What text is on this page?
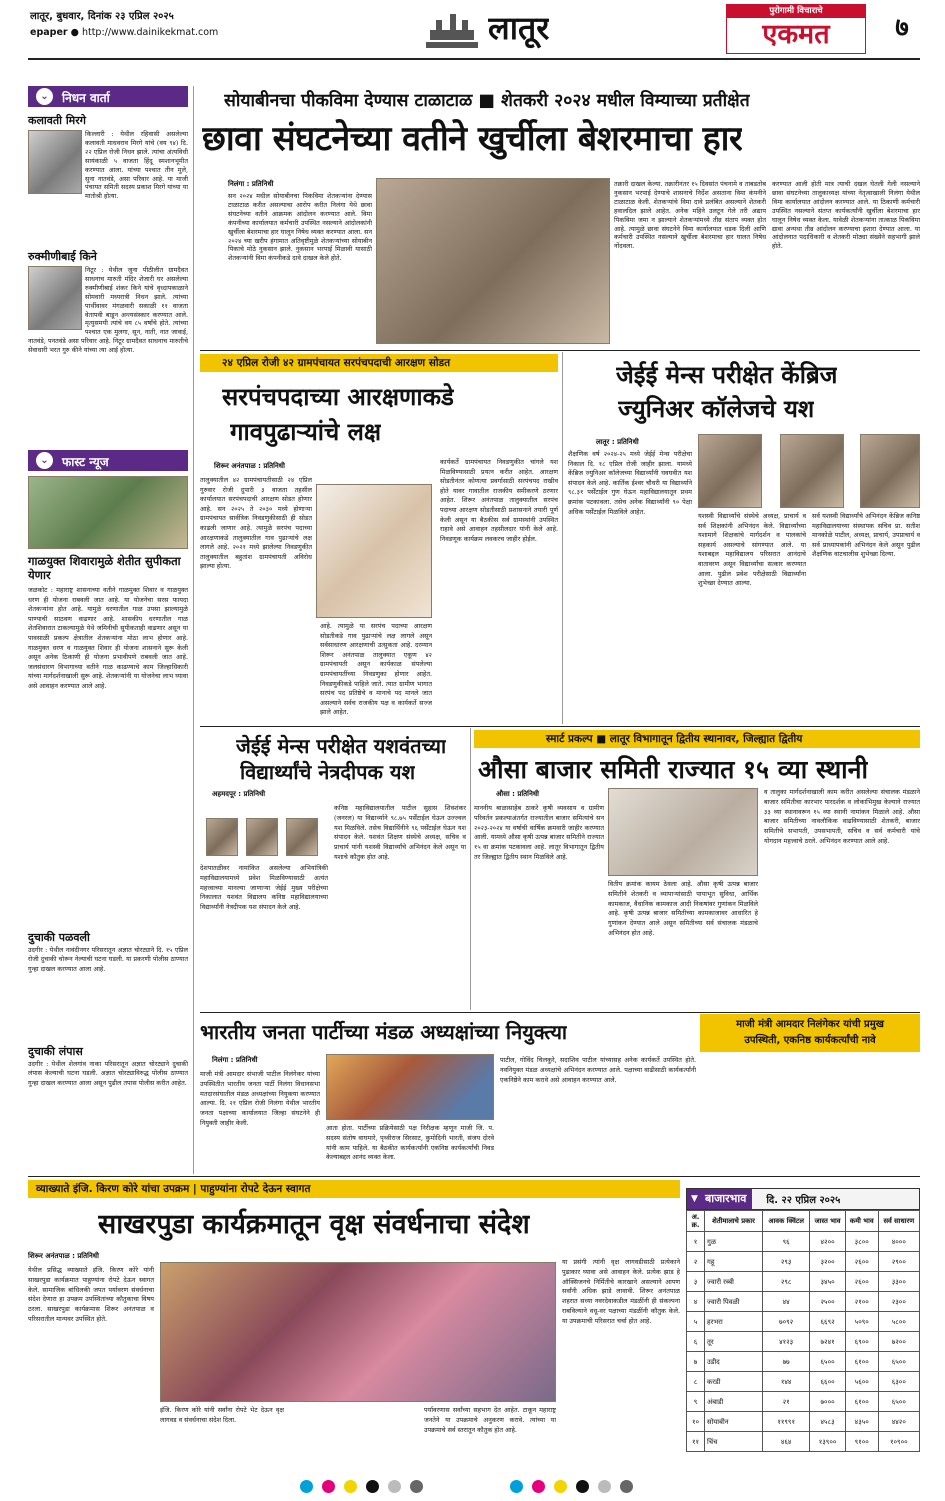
लातूर, बुधवार, दिनांक २३ एप्रिल २०२५
epaper ● http://www.dainikekmat.com	लातूर	पुरोगामी विचाराचे
एकमत	७
⌄	निधन वार्ता
कलावती मिरगे
किल्लारी : येथील रहिवासी असलेल्या कलावती माधवराव मिरगे यांचे (वय ९४) दि. २२ एप्रिल रोजी निधन झाले. त्यांचा अंत्यविधी सायंकाळी ५ वाजता हिंदू स्मशानभूमीत करण्यात आला. यांच्या पश्चात तीन मुले, सुना नातवंडे, असा परिवार आहे. या माजी पंचायत समिती सदस्य प्रकाश मिरगे यांच्या या मातोश्री होत्या.
रुक्मीणीबाई किने
निटूर : येथील जुना पीठीलीत ग्रामदैवत साधनाच मारुती मंदिर शेजारी घर असलेल्या रुक्मीणीबाई शंकर किने यांचे वृध्दापकाळाने सोमवारी मध्यरात्री निधन झाले. त्यांच्या पार्थीवावर मंगळवारी सकाळी ११ वाजता वेतापवी बाडून अन्त्यसंस्कार करण्यात आले. मृत्युसमयी त्यांचे वय ८५ वर्षांचे होते. त्यांच्या पश्चात एक मुलगा, सून, नाती, नात जावाई, नातवंडे, पनतवंडे असा परिवार आहे. निटूर ग्रामदैवत साधनाच मारुतीचे सेवाधारी भरत गुरु कीने यांच्या त्या आई होत्या.
⌄	फास्ट न्यूज
गाळयुक्त शिवारामुळे शेतीत सुपीकता येणार
जळकोट : महाराष्ट्र शासनाच्या वतीने गाळमुक्त शिवार व गाळयुक्त धरण ही योजना राबवली जात आहे. या योजनेचा सरस फायदा शेतकऱ्यांना होत आहे. यामुळे धरणातील गाळ उपसा झाल्यामुळे पाण्याची साठवण वाढणार आहे. शासकीय धरणातील गाळ शेतशिवारात टाकल्यामुळे येथे जमिनीची सुपीकताही वाढणार असून या पावसाळी प्रकल्प क्षेत्रातील शेतकऱ्यांना मोठा लाभ होणार आहे. गाळमुक्त धरण व गाळयुक्त शिवार ही योजना शासनाने सुरू केली असून अनेक ठिकाणी ही योजना प्रभावीपणे राबवली जात आहे. जलसंधारण विभागाच्या वतीने गाळ काढण्याचे काम जिल्हाधिकारी यांच्या मार्गदर्शनाखाली सुरू आहे. शेतकऱ्यांनी या योजनेचा लाभ घ्यावा असे आवाहन करण्यात आले आहे.
दुचाकी पळवली
उदगीर : येथील नावंदीनगर परिसरातून अज्ञात चोरट्याने दि. १५ एप्रिल रोजी दुचाकी चोरून नेल्याची घटना घडली. या प्रकरणी पोलीस ठाण्यात गुन्हा दाखल करण्यात आला आहे.
दुचाकी लंपास
उदगीर : येथील शेलगांव नाका परिसरातून अज्ञात चोरट्याने दुचाकी लंपास केल्याची घटना घडली. अज्ञात चोरट्याविरुद्ध पोलीस ठाण्यात गुन्हा दाखल करण्यात आला असून पुढील तपास पोलीस करीत आहेत.
सोयाबीनचा पीकविमा देण्यास टाळाटाळ ■ शेतकरी २०२४ मधील विम्याच्या प्रतीक्षेत
छावा संघटनेच्या वतीने खुर्चीला बेशरमाचा हार
निलंगा : प्रतिनिधी
सन २०२४ मधील सोयाबीनचा पिकविमा शेतकऱ्यांना देण्यास टाळाटाळ करीत असल्याचा आरोप करीत निलंगा येथे छावा संघटनेच्या वतीने आक्रमक आंदोलन करण्यात आले. विमा कंपनीच्या कार्यालयात कर्मचारी उपस्थित नसल्याने आंदोलकांनी खुर्चीला बेशरमाचा हार घालून निषेध व्यक्त करण्यात आला. सन २०२४ च्या खरीप हंगामात अतिवृष्टीमुळे शेतकऱ्यांच्या सोयाबीन पिकाचे मोठे नुकसान झाले. नुकसान भरपाई मिळावी यासाठी शेतकऱ्यांनी विमा कंपनीकडे दावे दाखल केले होते.
तक्रारी दाखल केल्या. तक्रारीनंतर १५ दिवसांत पंचनामे व ताबडतोब नुकसान भरपाई देण्याचे शासनाचे निर्देश असताना विमा कंपनीने टाळाटाळ केली. शेतकऱ्यांचे विमा दावे प्रलंबित असल्याने शेतकरी हवालदिल झाले आहेत. अनेक महिने उलटून गेले तरी अद्याप पिकविमा जमा न झाल्याने शेतकऱ्यांमध्ये तीव्र संताप व्यक्त होत आहे. त्यामुळे छावा संघटनेने विमा कार्यालयात धडक दिली आणि कर्मचारी उपस्थित नसल्याने खुर्चीला बेशरमाचा हार घालत निषेध नोंदवला.
करण्यात आली होती मात्र त्याची दखल घेतली गेली नसल्याने छावा संघटनेच्या तालुकाध्यक्ष यांच्या नेतृत्वाखाली निलंगा येथील विमा कार्यालयात आंदोलन करण्यात आले. या ठिकाणी कर्मचारी उपस्थित नसल्याने संतप्त कार्यकर्त्यांनी खुर्चीला बेशरमाचा हार घालून निषेध व्यक्त केला. यावेळी शेतकऱ्यांना तात्काळ पिकविमा द्यावा अन्यथा तीव्र आंदोलन करण्याचा इशारा देण्यात आला. या आंदोलनात पदाधिकारी व शेतकरी मोठ्या संख्येने सहभागी झाले होते.
२४ एप्रिल रोजी ४२ ग्रामपंचायत सरपंचपदाची आरक्षण सोडत
सरपंचपदाच्या आरक्षणाकडे
गावपुढाऱ्यांचे लक्ष
शिरूर अनंतपाळ : प्रतिनिधी
तालुक्यातील ४२ ग्रामपंचायतीसाठी २४ एप्रिल गुरुवार रोजी दुपारी ३ वाजता तहसील कार्यालयात सरपंचपदाची आरक्षण सोडत होणार आहे. सन २०२५ ते २०३० मध्ये होणाऱ्या ग्रामपंचायत सार्वत्रिक निवडणुकीसाठी ही सोडत काढली जाणार आहे. त्यामुळे सरपंच पदाच्या आरक्षणाकडे तालुक्यातील गाव पुढाऱ्यांचे लक्ष लागले आहे. २०२१ मध्ये झालेल्या निवडणुकीत तालुक्यातील बहुतांश ग्रामपंचायती अविरोध झाल्या होत्या.
आहे. त्यामुळे या सरपंच पदाच्या आरक्षण सोडतीकडे गाव पुढाऱ्यांचे लक्ष लागले असून सर्वसाधारण आरक्षणाची उत्सुकता आहे. दरम्यान शिरूर अनंतपाळ तालुक्यात एकूण ४२ ग्रामपंचायती असून कार्यकाळ संपलेल्या ग्रामपंचायतींच्या निवडणुका होणार आहेत. निवडणुकीकडे पाहिले जाते. त्यात ग्रामीण भागात सरपंच पद प्रतिष्ठेचे व मानाचे पद मानले जात असल्याने सर्वच राजकीय पक्ष व कार्यकर्ते सज्ज झाले आहेत.
कार्यकर्ते ग्रामपंचायत निवडणुकीत चांगले यश मिळविण्यासाठी प्रयत्न करीत आहेत. आरक्षण सोडतीनंतर कोणत्या प्रवर्गासाठी सरपंचपद राखीव होते यावर गावातील राजकीय समीकरणे ठरणार आहेत. शिरूर अनंतपाळ तालुक्यातील सरपंच पदाच्या आरक्षण सोडतीसाठी प्रशासनाने तयारी पूर्ण केली असून या बैठकीस सर्व ग्रामस्थांनी उपस्थित राहावे असे आवाहन तहसीलदार यांनी केले आहे. निवडणूक कार्यक्रम लवकरच जाहीर होईल.
जेईई मेन्स परीक्षेत केंब्रिज
ज्युनिअर कॉलेजचे यश
लातूर : प्रतिनिधी
शैक्षणिक वर्ष २०२४-२५ मध्ये जेईई मेन्स परीक्षेचा निकाल दि. १८ एप्रिल रोजी जाहीर झाला. यामध्ये केंब्रिज ज्युनिअर कॉलेजच्या विद्यार्थ्यांनी घवघवीत यश संपादन केले आहे. कार्तिक ईश्वर चौधरी या विद्यार्थ्याने ९८.३१ पर्सेंटाईल गुण घेऊन महाविद्यालयातून प्रथम क्रमांक पटकावला. तसेच अनेक विद्यार्थ्यांनी ९० पेक्षा अधिक पर्सेंटाईल मिळविले आहेत.
यशस्वी विद्यार्थ्यांचे संस्थेचे अध्यक्ष, प्राचार्य व सर्व शिक्षकांनी अभिनंदन केले. विद्यार्थ्यांच्या यशामागे शिक्षकांचे मार्गदर्शन व पालकांचे सहकार्य असल्याचे सांगण्यात आले. या यशाबद्दल महाविद्यालय परिसरात आनंदाचे वातावरण असून विद्यार्थ्यांचा सत्कार करण्यात आला. पुढील प्रवेश परीक्षेसाठी विद्यार्थ्यांना शुभेच्छा देण्यात आल्या.
सर्व यशस्वी विद्यार्थ्यांचे अभिनंदन केंब्रिज कनिष्ठ महाविद्यालयाच्या संस्थापक सचिव प्रा. सतीश मानकोळे पाटील, अध्यक्ष, प्राचार्य, उपप्राचार्य व सर्व प्राध्यापकांनी अभिनंदन केले असून पुढील शैक्षणिक वाटचालीस शुभेच्छा दिल्या.
जेईई मेन्स परीक्षेत यशवंतच्या
विद्यार्थ्यांचे नेत्रदीपक यश
अहमदपूर : प्रतिनिधी
देशपातळीवर नामांकित असलेल्या अभियांत्रिकी महाविद्यालयामध्ये प्रवेश मिळविण्यासाठी अत्यंत महत्त्वाच्या मानल्या जाणाऱ्या जेईई मुख्य परीक्षेच्या निकालात यशवंत विद्यालय कनिष्ठ महाविद्यालयाच्या विद्यार्थ्यांनी नेत्रदीपक यश संपादन केले आहे.
कनिष्ठ महाविद्यालयातील पाटील सुहास शिवशंकर (जनरल) या विद्यार्थ्याने ९८.७५ पर्सेंटाईल घेऊन उज्ज्वल यश मिळविले. तसेच विद्यार्थिनीने ९६ पर्सेंटाईल घेऊन यश संपादन केले. यशवंत शिक्षण संस्थेचे अध्यक्ष, सचिव व प्राचार्य यांनी यशस्वी विद्यार्थ्यांचे अभिनंदन केले असून या यशाचे कौतुक होत आहे.
स्मार्ट प्रकल्प ■ लातूर विभागातून द्वितीय स्थानावर, जिल्ह्यात द्वितीय
औसा बाजार समिती राज्यात १५ व्या स्थानी
औसा : प्रतिनिधी
माननीय बाळासाहेब ठाकरे कृषी व्यवसाय व ग्रामीण परिवर्तन प्रकल्पाअंतर्गत राज्यातील बाजार समित्यांचे सन २०२३-२०२४ या वर्षाची वार्षिक क्रमवारी जाहीर करण्यात आली. यामध्ये औसा कृषी उत्पन्न बाजार समितीने राज्यात १५ वा क्रमांक पटकावला आहे. लातूर विभागातून द्वितीय तर जिल्ह्यात द्वितीय स्थान मिळविले आहे.
वितीय क्रमांक कायम ठेवला आहे. औसा कृषी उत्पन्न बाजार समितीने शेतकरी व व्यापाऱ्यांसाठी पायाभूत सुविधा, आर्थिक कामकाज, वैधानिक कामकाज आदी निकषांवर गुणांकन मिळविले आहे. कृषी उत्पन्न बाजार समितीच्या कामकाजावर आधारित हे गुणांकन देण्यात आले असून समितीच्या सर्व संचालक मंडळाचे अभिनंदन होत आहे.
व तालुका मार्गदर्शनाखाली काम करीत असलेल्या संचालक मंडळाने बाजार समितीचा कारभार पारदर्शक व लोकाभिमुख केल्याने राज्यात ३३ व्या स्थानावरून १५ व्या स्थानी नामांकन मिळाले आहे. औसा बाजार समितीच्या नावलौकिक वाढविण्यासाठी शेतकरी, बाजार समितीचे सभापती, उपसभापती, सचिव व सर्व कर्मचारी यांचे योगदान महत्त्वाचे ठरले. अभिनंदन करण्यात आले आहे.
भारतीय जनता पार्टीच्या मंडळ अध्यक्षांच्या नियुक्त्या	माजी मंत्री आमदार निलंगेकर यांची प्रमुख
उपस्थिती, एकनिष्ठ कार्यकर्त्यांची नावे
निलंगा : प्रतिनिधी
माजी मंत्री आमदार संभाजी पाटील निलंगेकर यांच्या उपस्थितीत भारतीय जनता पार्टी निलंगा विधानसभा मतदारसंघातील मंडळ अध्यक्षांच्या नियुक्त्या करण्यात आल्या. दि. २१ एप्रिल रोजी निलंगा येथील भारतीय जनता पक्षाच्या कार्यालयात जिल्हा संघटनेने ही नियुक्ती जाहीर केली.
आता होता. पार्टीच्या प्रक्रियेसाठी पक्ष निरीक्षक म्हणून माजी जि. प. सदस्य संतोष वाघमारे, पृथ्वीराज सिरसाट, कुमोदिनी भारती, संजय दोरवे यांनी काम पाहिले. या बैठकीत कार्यकर्त्यांनी एकनिष्ठ कार्यकर्त्यांची निवड केल्याबद्दल आनंद व्यक्त केला.
पाटील, गोविंद चिलकुरे, सदाशिव पाटील यांच्यासह अनेक कार्यकर्ते उपस्थित होते. नवनियुक्त मंडळ अध्यक्षांचे अभिनंदन करण्यात आले. पक्षाच्या वाढीसाठी कार्यकर्त्यांनी एकनिष्ठेने काम करावे असे आवाहन करण्यात आले.
व्याख्याते इंजि. किरण कोरे यांचा उपक्रम | पाहुण्यांना रोपटे देऊन स्वागत
साखरपुडा कार्यक्रमातून वृक्ष संवर्धनाचा संदेश
शिरूर अनंतपाळ : प्रतिनिधी
येथील प्रसिद्ध व्याख्याते इंजि. किरण कोरे यांनी साखरपुडा कार्यक्रमात पाहुण्यांना रोपटे देऊन स्वागत केले. सामाजिक बांधिलकी जपत पर्यावरण संवर्धनाचा संदेश देणारा हा उपक्रम उपस्थितांच्या कौतुकाचा विषय ठरला. साखरपुडा कार्यक्रमास शिरूर अनंतपाळ व परिसरातील मान्यवर उपस्थित होते.
इंजि. किरण कोरे यांनी सर्वांना रोपटे भेट देऊन वृक्ष लागवड व संवर्धनाचा संदेश दिला.
पर्यावरणास सर्वांच्या सहभाग देत आहेत. टाकून महाराष्ट्र जनतेने या उपक्रमाचे अनुकरण करावे. त्यांच्या या उपक्रमाचे सर्व स्तरातून कौतुक होत आहे.
या प्रसंगी त्यांनी वृक्ष लागवडीसाठी प्रत्येकाने पुढाकार घ्यावा असे आवाहन केले. प्रत्येक झाड हे ऑक्सिजनचे निर्मितीचे कारखाने असल्याने आपण सर्वांनी अधिक झाडे लावावी. शिरूर अनंतपाळ शहरात सध्या नवरदेवाकडील मंडळींनी ही संकल्पना राबविल्याने वधू-वर पक्षाच्या मंडळींनी कौतुक केले. या उपक्रमाची परिसरात चर्चा होत आहे.
▼ बाजारभाव	दि. २२ एप्रिल २०२५
अ. क्र.	शेतीमालाचे प्रकार	आवक क्विंटल	जास्त भाव	कमी भाव	सर्व साधारण
१	गुळ	९६	४२००	३८००	४०००
२	गहू	२९३	३२००	२६००	२९००
३	ज्वारी रब्बी	२९८	३४५०	२६००	३३००
४	ज्वारी पिवळी	४४	२५००	२१००	२३००
५	हरभरा	७०९२	६६९२	५०९०	५८००
६	तूर	४१२३	७२४१	६९००	७२००
७	उडीद	७७	६५००	६१००	६५००
८	करडी	१४४	६६००	५६००	६३००
९	अंबाडी	२१	७०००	६१००	६५००
१०	सोयाबीन	११९९१	४५८३	४३५०	४४२०
११	चिंच	४६४	१३९००	९१००	१०९००
